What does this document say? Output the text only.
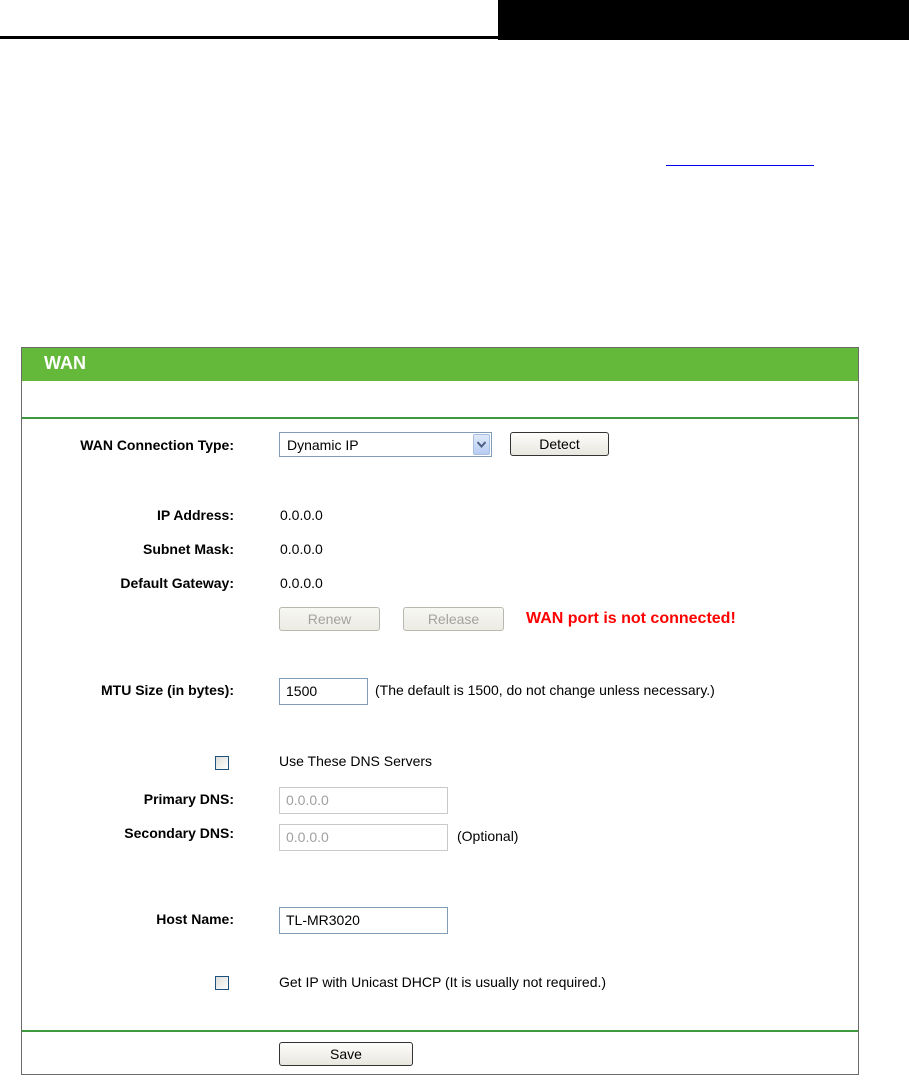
WAN
WAN Connection Type:	Dynamic IP	Detect
IP Address:	0.0.0.0
Subnet Mask:	0.0.0.0
Default Gateway:	0.0.0.0
Renew	Release	WAN port is not connected!
MTU Size (in bytes):	1500	(The default is 1500, do not change unless necessary.)
Use These DNS Servers
Primary DNS:	0.0.0.0
Secondary DNS:	0.0.0.0	(Optional)
Host Name:	TL-MR3020
Get IP with Unicast DHCP (It is usually not required.)
Save
